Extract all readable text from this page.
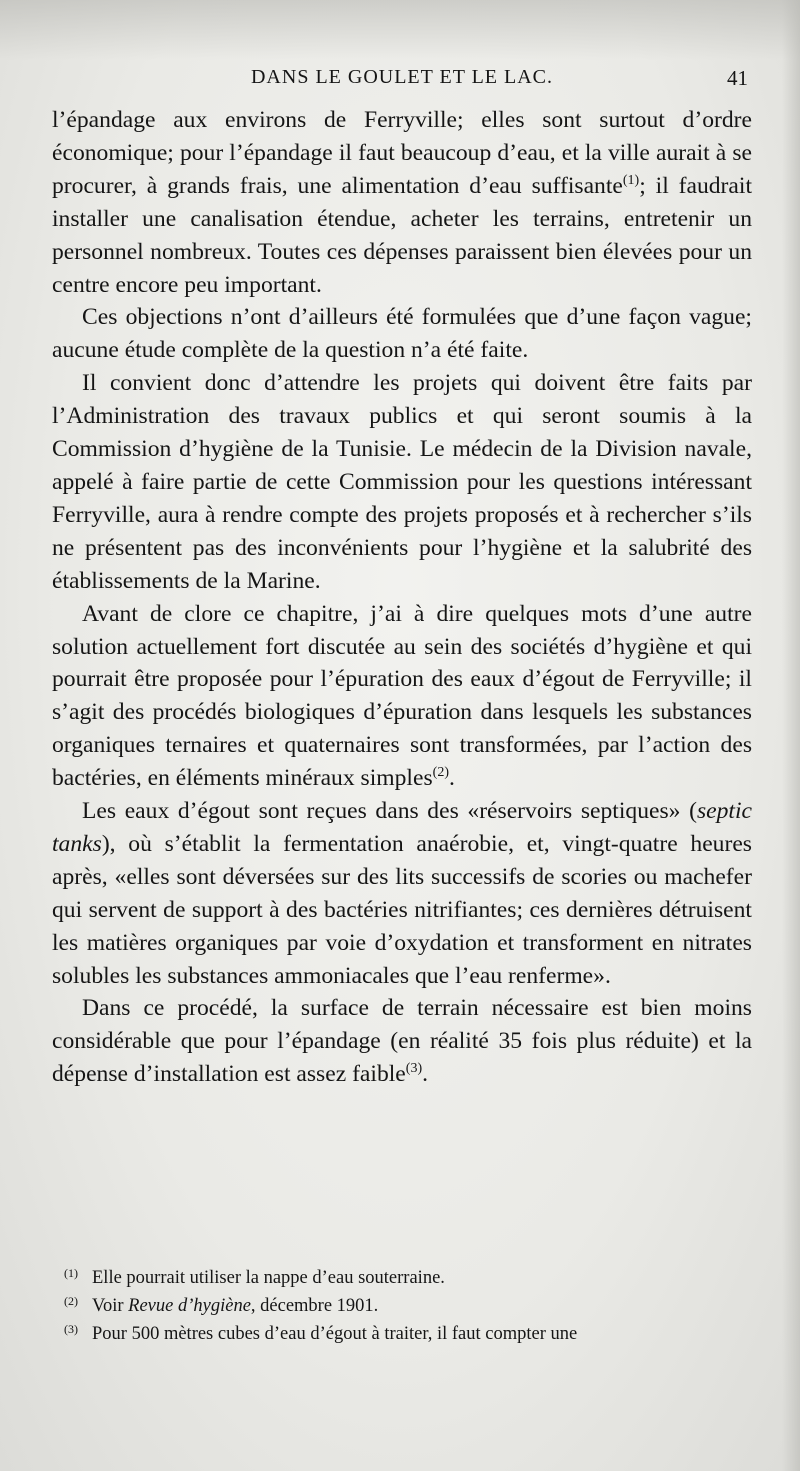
DANS LE GOULET ET LE LAC.	41

l’épandage aux environs de Ferryville; elles sont surtout d’ordre économique; pour l’épandage il faut beaucoup d’eau, et la ville aurait à se procurer, à grands frais, une alimentation d’eau suffisante$^{(1)}$; il faudrait installer une canalisation étendue, acheter les terrains, entretenir un personnel nombreux. Toutes ces dépenses paraissent bien élevées pour un centre encore peu important.

Ces objections n’ont d’ailleurs été formulées que d’une façon vague; aucune étude complète de la question n’a été faite.

Il convient donc d’attendre les projets qui doivent être faits par l’Administration des travaux publics et qui seront soumis à la Commission d’hygiène de la Tunisie. Le médecin de la Division navale, appelé à faire partie de cette Commission pour les questions intéressant Ferryville, aura à rendre compte des projets proposés et à rechercher s’ils ne présentent pas des inconvénients pour l’hygiène et la salubrité des établissements de la Marine.

Avant de clore ce chapitre, j’ai à dire quelques mots d’une autre solution actuellement fort discutée au sein des sociétés d’hygiène et qui pourrait être proposée pour l’épuration des eaux d’égout de Ferryville; il s’agit des procédés biologiques d’épuration dans lesquels les substances organiques ternaires et quaternaires sont transformées, par l’action des bactéries, en éléments minéraux simples$^{(2)}$.

Les eaux d’égout sont reçues dans des «réservoirs septiques» (septic tanks), où s’établit la fermentation anaérobie, et, vingt-quatre heures après, «elles sont déversées sur des lits successifs de scories ou machefer qui servent de support à des bactéries nitrifiantes; ces dernières détruisent les matières organiques par voie d’oxydation et transforment en nitrates solubles les substances ammoniacales que l’eau renferme».

Dans ce procédé, la surface de terrain nécessaire est bien moins considérable que pour l’épandage (en réalité 35 fois plus réduite) et la dépense d’installation est assez faible$^{(3)}$.

(1) Elle pourrait utiliser la nappe d’eau souterraine.
(2) Voir Revue d’hygiène, décembre 1901.
(3) Pour 500 mètres cubes d’eau d’égout à traiter, il faut compter une
